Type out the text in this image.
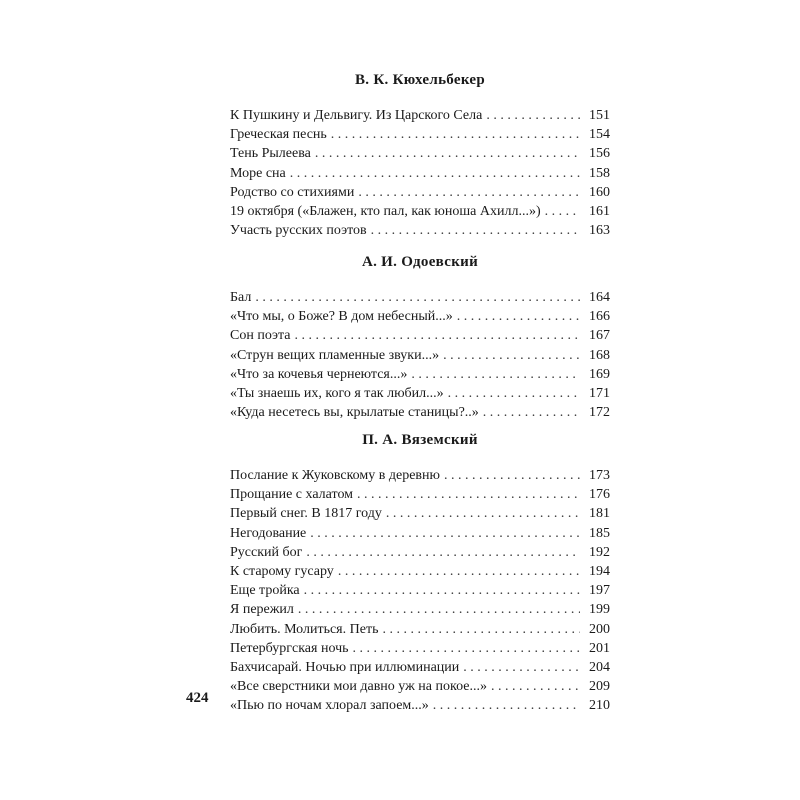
В. К. Кюхельбекер
К Пушкину и Дельвигу. Из Царского Села . . .	151
Греческая песнь . . .	154
Тень Рылеева . . .	156
Море сна . . .	158
Родство со стихиями . . .	160
19 октября («Блажен, кто пал, как юноша Ахилл...») . . .	161
Участь русских поэтов . . .	163
А. И. Одоевский
Бал . . .	164
«Что мы, о Боже? В дом небесный...» . . .	166
Сон поэта . . .	167
«Струн вещих пламенные звуки...» . . .	168
«Что за кочевья чернеются...» . . .	169
«Ты знаешь их, кого я так любил...» . . .	171
«Куда несетесь вы, крылатые станицы?..» . . .	172
П. А. Вяземский
Послание к Жуковскому в деревню . . .	173
Прощание с халатом . . .	176
Первый снег. В 1817 году . . .	181
Негодование . . .	185
Русский бог . . .	192
К старому гусару . . .	194
Еще тройка . . .	197
Я пережил . . .	199
Любить. Молиться. Петь . . .	200
Петербургская ночь . . .	201
Бахчисарай. Ночью при иллюминации . . .	204
«Все сверстники мои давно уж на покое...» . . .	209
«Пью по ночам хлорал запоем...» . . .	210
424
